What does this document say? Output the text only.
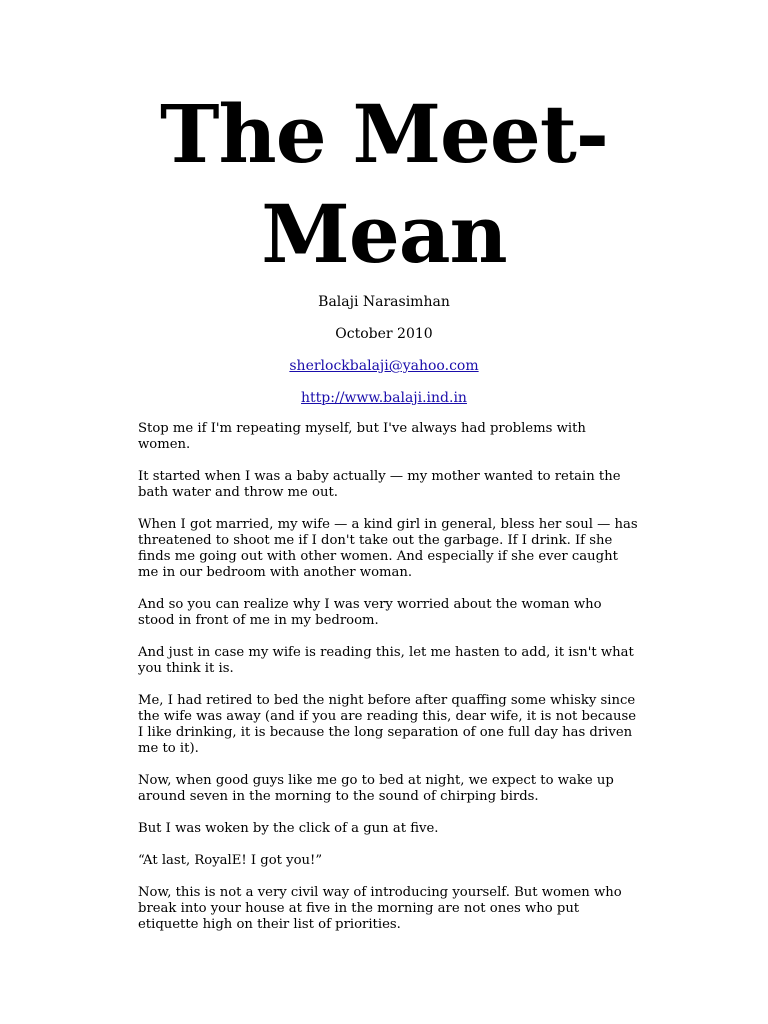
The Meet-
Mean

Balaji Narasimhan

October 2010

sherlockbalaji@yahoo.com

http://www.balaji.ind.in

Stop me if I'm repeating myself, but I've always had problems with women.

It started when I was a baby actually — my mother wanted to retain the bath water and throw me out.

When I got married, my wife — a kind girl in general, bless her soul — has threatened to shoot me if I don't take out the garbage. If I drink. If she finds me going out with other women. And especially if she ever caught me in our bedroom with another woman.

And so you can realize why I was very worried about the woman who stood in front of me in my bedroom.

And just in case my wife is reading this, let me hasten to add, it isn't what you think it is.

Me, I had retired to bed the night before after quaffing some whisky since the wife was away (and if you are reading this, dear wife, it is not because I like drinking, it is because the long separation of one full day has driven me to it).

Now, when good guys like me go to bed at night, we expect to wake up around seven in the morning to the sound of chirping birds.

But I was woken by the click of a gun at five.

“At last, RoyalE! I got you!”

Now, this is not a very civil way of introducing yourself. But women who break into your house at five in the morning are not ones who put etiquette high on their list of priorities.
